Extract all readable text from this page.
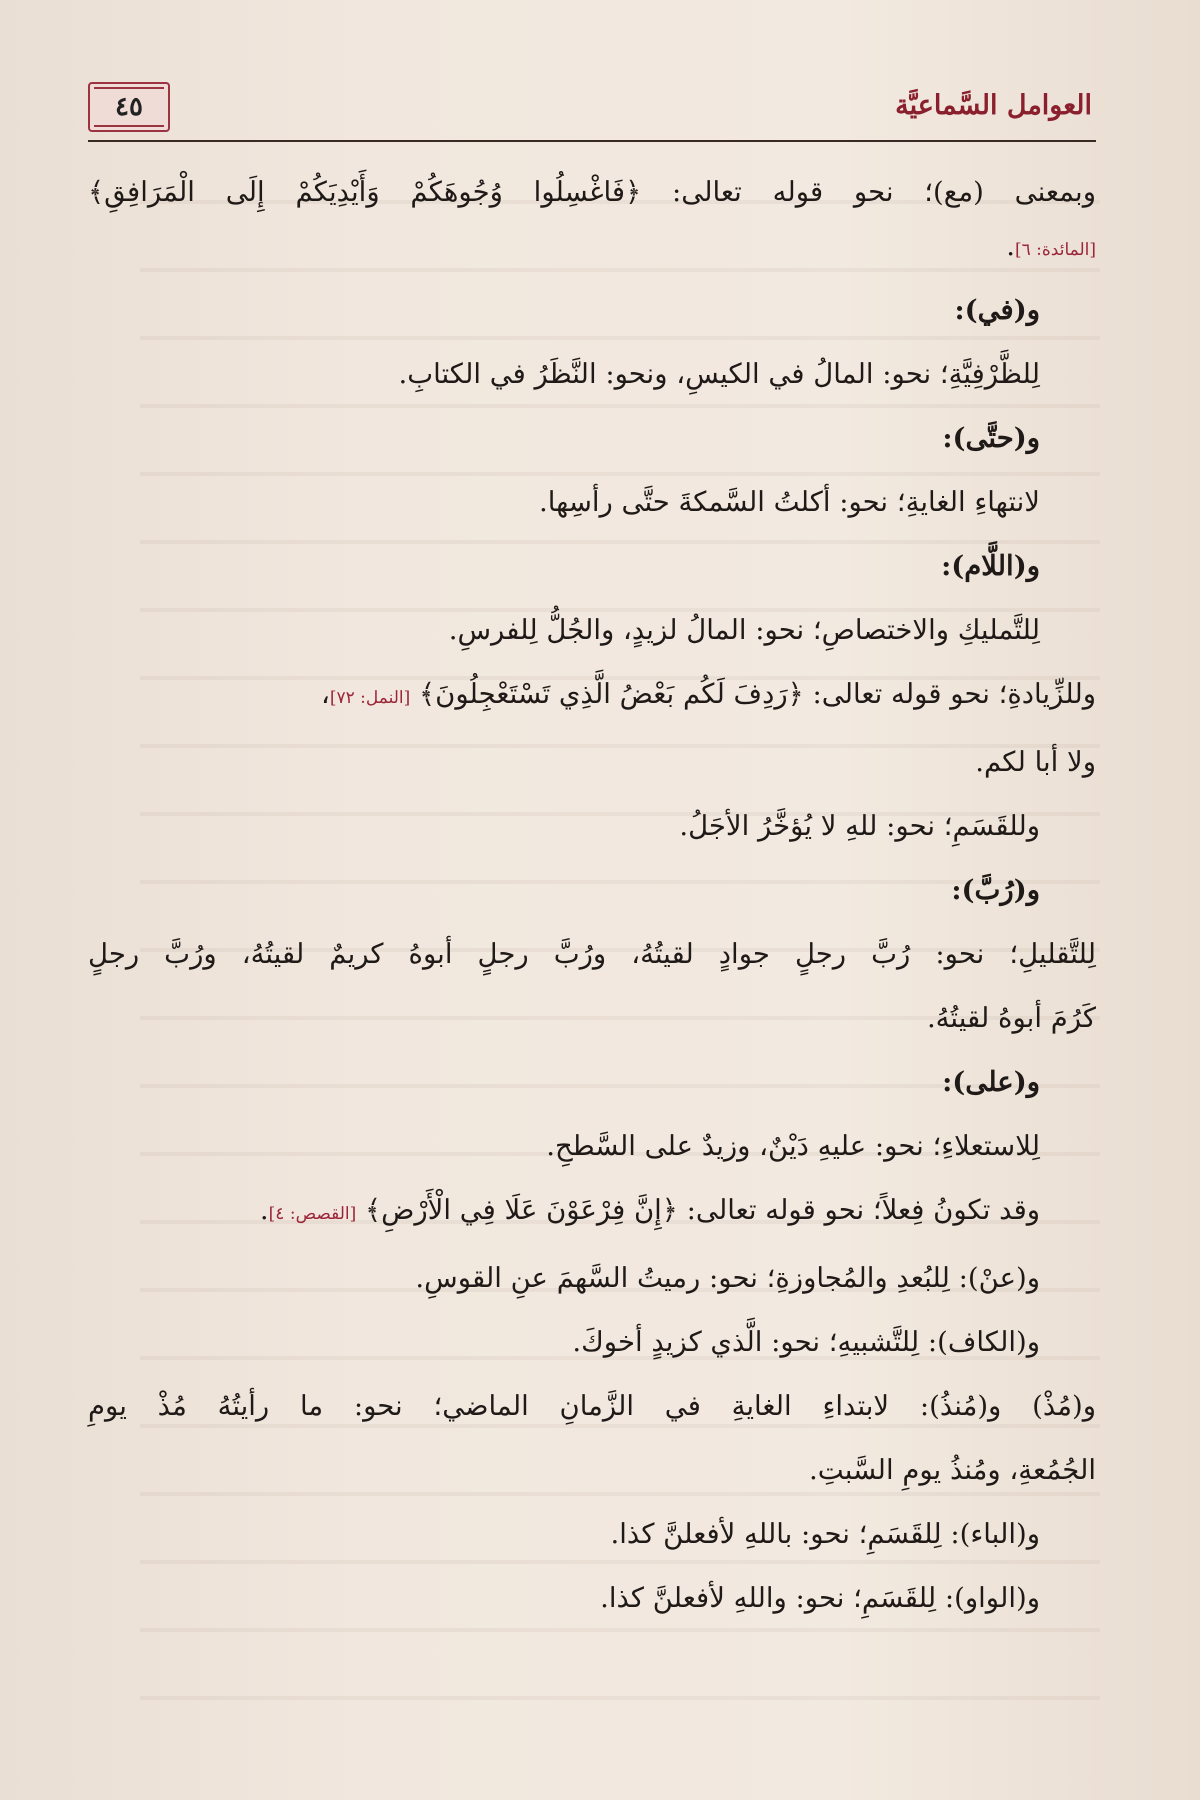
٤٥	العوامل السَّماعيَّة
وبمعنى (مع)؛ نحو قوله تعالى: ﴿فَاغْسِلُوا وُجُوهَكُمْ وَأَيْدِيَكُمْ إِلَى الْمَرَافِقِ﴾
[المائدة: ٦].
و(في):
لِلظَّرْفِيَّةِ؛ نحو: المالُ في الكيسِ، ونحو: النَّظَرُ في الكتابِ.
و(حتَّى):
لانتهاءِ الغايةِ؛ نحو: أكلتُ السَّمكةَ حتَّى رأسِها.
و(اللَّام):
لِلتَّمليكِ والاختصاصِ؛ نحو: المالُ لزيدٍ، والجُلُّ لِلفرسِ.
وللزِّيادةِ؛ نحو قوله تعالى: ﴿رَدِفَ لَكُم بَعْضُ الَّذِي تَسْتَعْجِلُونَ﴾ [النمل: ٧٢]،
ولا أبا لكم.
وللقَسَمِ؛ نحو: للهِ لا يُؤخَّرُ الأجَلُ.
و(رُبَّ):
لِلتَّقليلِ؛ نحو: رُبَّ رجلٍ جوادٍ لقيتُهُ، ورُبَّ رجلٍ أبوهُ كريمٌ لقيتُهُ، ورُبَّ رجلٍ
كَرُمَ أبوهُ لقيتُهُ.
و(على):
لِلاستعلاءِ؛ نحو: عليهِ دَيْنٌ، وزيدٌ على السَّطحِ.
وقد تكونُ فِعلاً؛ نحو قوله تعالى: ﴿إِنَّ فِرْعَوْنَ عَلَا فِي الْأَرْضِ﴾ [القصص: ٤].
و(عنْ): لِلبُعدِ والمُجاوزةِ؛ نحو: رميتُ السَّهمَ عنِ القوسِ.
و(الكاف): لِلتَّشبيهِ؛ نحو: الَّذي كزيدٍ أخوكَ.
و(مُذْ) و(مُنذُ): لابتداءِ الغايةِ في الزَّمانِ الماضي؛ نحو: ما رأيتُهُ مُذْ يومِ
الجُمُعةِ، ومُنذُ يومِ السَّبتِ.
و(الباء): لِلقَسَمِ؛ نحو: باللهِ لأفعلنَّ كذا.
و(الواو): لِلقَسَمِ؛ نحو: واللهِ لأفعلنَّ كذا.
